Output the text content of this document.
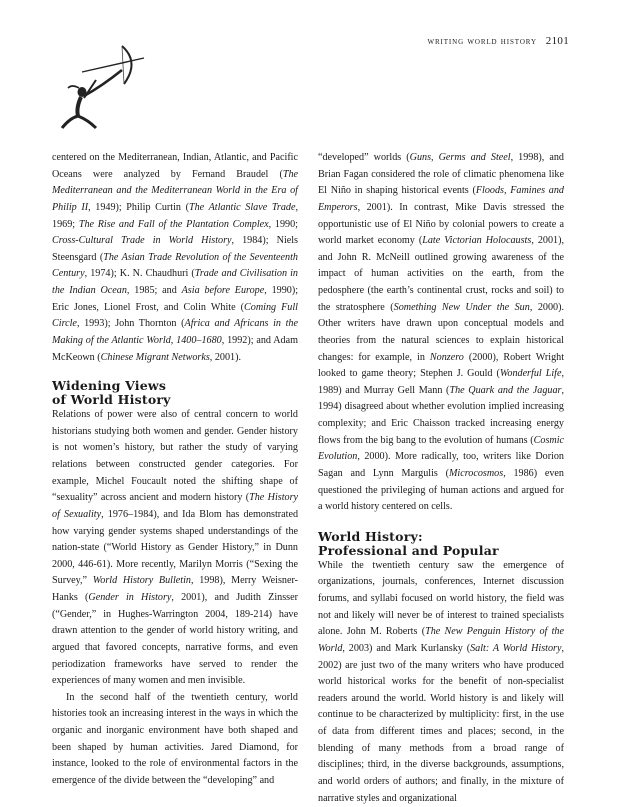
writing world history 2101

centered on the Mediterranean, Indian, Atlantic, and Pacific Oceans were analyzed by Fernand Braudel (The Mediterranean and the Mediterranean World in the Era of Philip II, 1949); Philip Curtin (The Atlantic Slave Trade, 1969; The Rise and Fall of the Plantation Complex, 1990; Cross-Cultural Trade in World History, 1984); Niels Steensgard (The Asian Trade Revolution of the Seventeenth Century, 1974); K. N. Chaudhuri (Trade and Civilisation in the Indian Ocean, 1985; and Asia before Europe, 1990); Eric Jones, Lionel Frost, and Colin White (Coming Full Circle, 1993); John Thornton (Africa and Africans in the Making of the Atlantic World, 1400–1680, 1992); and Adam McKeown (Chinese Migrant Networks, 2001).

Widening Views
of World History

Relations of power were also of central concern to world historians studying both women and gender. Gender history is not women’s history, but rather the study of varying relations between constructed gender categories. For example, Michel Foucault noted the shifting shape of “sexuality” across ancient and modern history (The History of Sexuality, 1976–1984), and Ida Blom has demonstrated how varying gender systems shaped understandings of the nation-state (“World History as Gender History,” in Dunn 2000, 446-61). More recently, Marilyn Morris (“Sexing the Survey,” World History Bulletin, 1998), Merry Weisner-Hanks (Gender in History, 2001), and Judith Zinsser (“Gender,” in Hughes-Warrington 2004, 189-214) have drawn attention to the gender of world history writing, and argued that favored concepts, narrative forms, and even periodization frameworks have served to render the experiences of many women and men invisible.

In the second half of the twentieth century, world histories took an increasing interest in the ways in which the organic and inorganic environment have both shaped and been shaped by human activities. Jared Diamond, for instance, looked to the role of environmental factors in the emergence of the divide between the “developing” and

“developed” worlds (Guns, Germs and Steel, 1998), and Brian Fagan considered the role of climatic phenomena like El Niño in shaping historical events (Floods, Famines and Emperors, 2001). In contrast, Mike Davis stressed the opportunistic use of El Niño by colonial powers to create a world market economy (Late Victorian Holocausts, 2001), and John R. McNeill outlined growing awareness of the impact of human activities on the earth, from the pedosphere (the earth’s continental crust, rocks and soil) to the stratosphere (Something New Under the Sun, 2000). Other writers have drawn upon conceptual models and theories from the natural sciences to explain historical changes: for example, in Nonzero (2000), Robert Wright looked to game theory; Stephen J. Gould (Wonderful Life, 1989) and Murray Gell Mann (The Quark and the Jaguar, 1994) disagreed about whether evolution implied increasing complexity; and Eric Chaisson tracked increasing energy flows from the big bang to the evolution of humans (Cosmic Evolution, 2000). More radically, too, writers like Dorion Sagan and Lynn Margulis (Microcosmos, 1986) even questioned the privileging of human actions and argued for a world history centered on cells.

World History:
Professional and Popular

While the twentieth century saw the emergence of organizations, journals, conferences, Internet discussion forums, and syllabi focused on world history, the field was not and likely will never be of interest to trained specialists alone. John M. Roberts (The New Penguin History of the World, 2003) and Mark Kurlansky (Salt: A World History, 2002) are just two of the many writers who have produced world historical works for the benefit of non-specialist readers around the world. World history is and likely will continue to be characterized by multiplicity: first, in the use of data from different times and places; second, in the blending of many methods from a broad range of disciplines; third, in the diverse backgrounds, assumptions, and world orders of authors; and finally, in the mixture of narrative styles and organizational
